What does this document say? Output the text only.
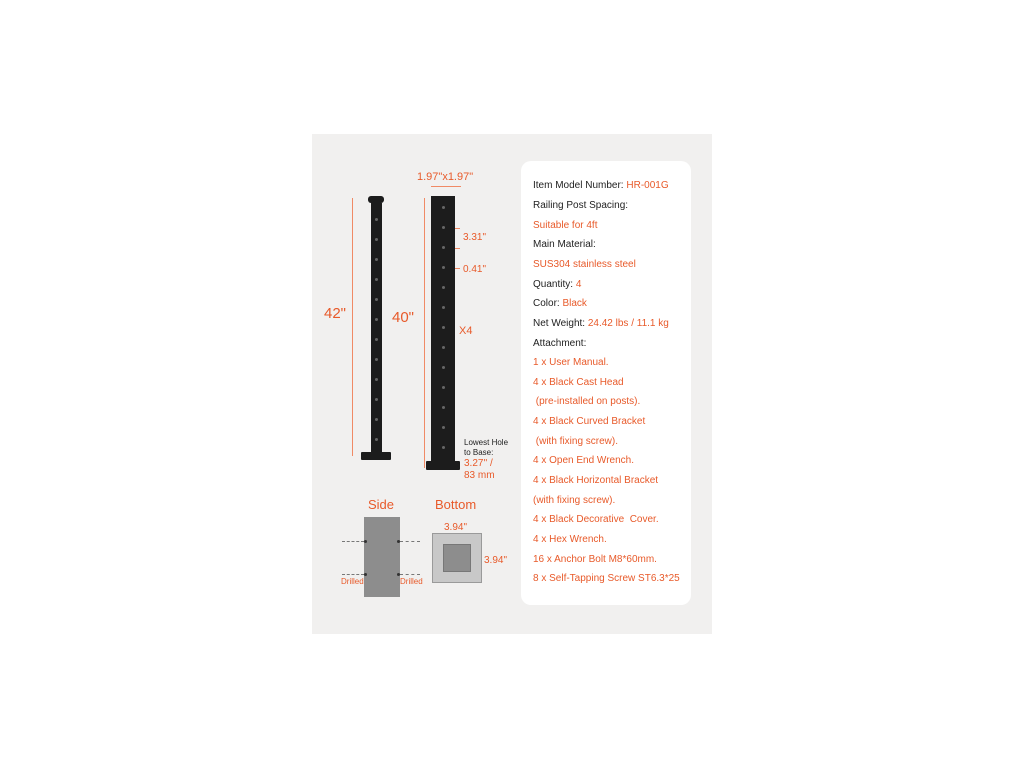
42"
1.97"x1.97"
40"
3.31"
0.41"
X4
Lowest Hole
to Base:
3.27'' /
83 mm
Side
Drilled	Drilled
Bottom
3.94"
3.94"
Item Model Number: HR-001G
Railing Post Spacing:
Suitable for 4ft
Main Material:
SUS304 stainless steel
Quantity: 4
Color: Black
Net Weight: 24.42 lbs / 11.1 kg
Attachment:
1 x User Manual.
4 x Black Cast Head
(pre-installed on posts).
4 x Black Curved Bracket
(with fixing screw).
4 x Open End Wrench.
4 x Black Horizontal Bracket
(with fixing screw).
4 x Black Decorative  Cover.
4 x Hex Wrench.
16 x Anchor Bolt M8*60mm.
8 x Self-Tapping Screw ST6.3*25
